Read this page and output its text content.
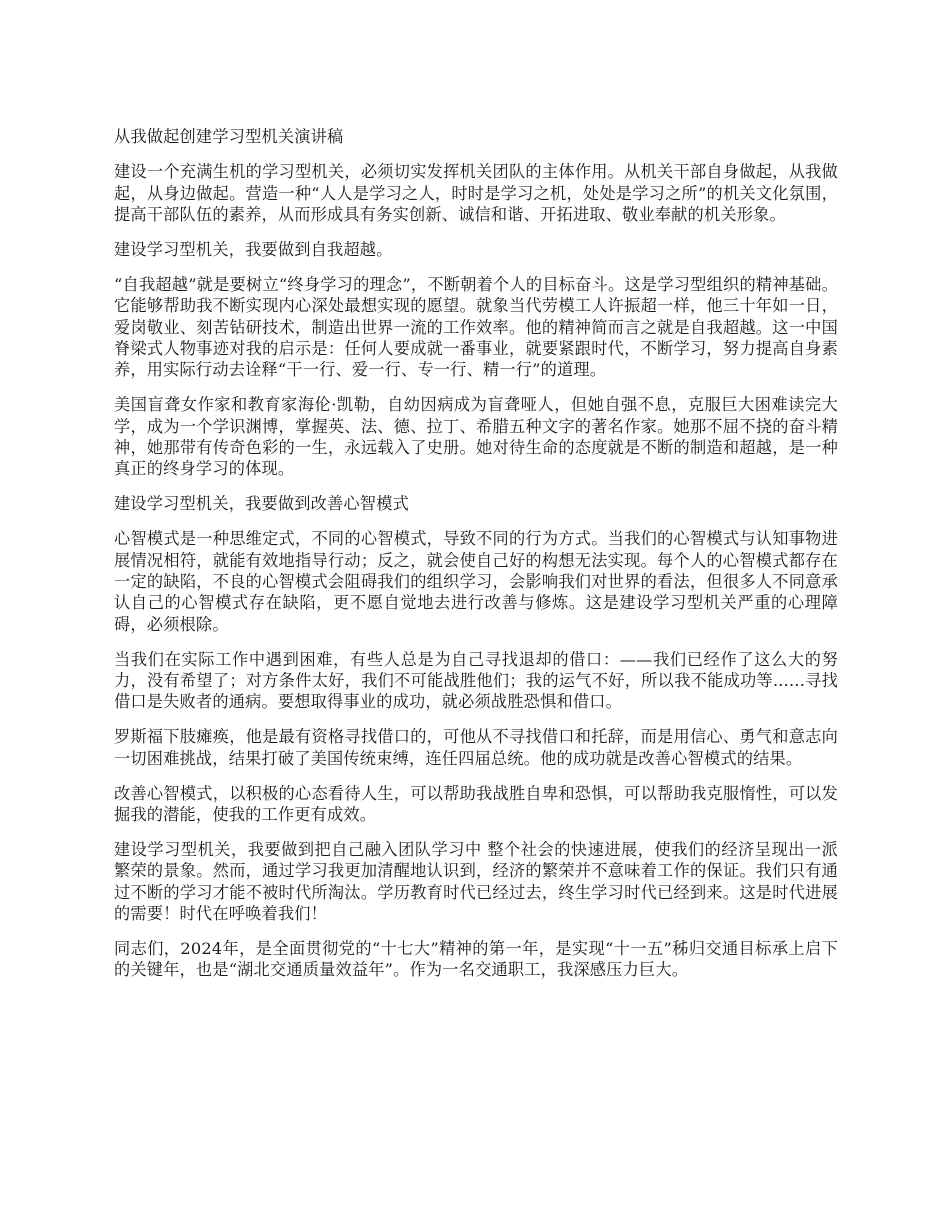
从我做起创建学习型机关演讲稿

建设一个充满生机的学习型机关，必须切实发挥机关团队的主体作用。从机关干部自身做起，从我做起，从身边做起。营造一种“人人是学习之人，时时是学习之机，处处是学习之所”的机关文化氛围，提高干部队伍的素养，从而形成具有务实创新、诚信和谐、开拓进取、敬业奉献的机关形象。

建设学习型机关，我要做到自我超越。

“自我超越”就是要树立“终身学习的理念”，不断朝着个人的目标奋斗。这是学习型组织的精神基础。它能够帮助我不断实现内心深处最想实现的愿望。就象当代劳模工人许振超一样，他三十年如一日，爱岗敬业、刻苦钻研技术，制造出世界一流的工作效率。他的精神简而言之就是自我超越。这一中国脊梁式人物事迹对我的启示是：任何人要成就一番事业，就要紧跟时代，不断学习，努力提高自身素养，用实际行动去诠释“干一行、爱一行、专一行、精一行”的道理。

美国盲聋女作家和教育家海伦·凯勒，自幼因病成为盲聋哑人，但她自强不息，克服巨大困难读完大学，成为一个学识渊博，掌握英、法、德、拉丁、希腊五种文字的著名作家。她那不屈不挠的奋斗精神，她那带有传奇色彩的一生，永远载入了史册。她对待生命的态度就是不断的制造和超越，是一种真正的终身学习的体现。

建设学习型机关，我要做到改善心智模式

心智模式是一种思维定式，不同的心智模式，导致不同的行为方式。当我们的心智模式与认知事物进展情况相符，就能有效地指导行动；反之，就会使自己好的构想无法实现。每个人的心智模式都存在一定的缺陷，不良的心智模式会阻碍我们的组织学习，会影响我们对世界的看法，但很多人不同意承认自己的心智模式存在缺陷，更不愿自觉地去进行改善与修炼。这是建设学习型机关严重的心理障碍，必须根除。

当我们在实际工作中遇到困难，有些人总是为自己寻找退却的借口：——我们已经作了这么大的努力，没有希望了；对方条件太好，我们不可能战胜他们；我的运气不好，所以我不能成功等......寻找借口是失败者的通病。要想取得事业的成功，就必须战胜恐惧和借口。

罗斯福下肢瘫痪，他是最有资格寻找借口的，可他从不寻找借口和托辞，而是用信心、勇气和意志向一切困难挑战，结果打破了美国传统束缚，连任四届总统。他的成功就是改善心智模式的结果。

改善心智模式，以积极的心态看待人生，可以帮助我战胜自卑和恐惧，可以帮助我克服惰性，可以发掘我的潜能，使我的工作更有成效。

建设学习型机关，我要做到把自己融入团队学习中 整个社会的快速进展，使我们的经济呈现出一派繁荣的景象。然而，通过学习我更加清醒地认识到，经济的繁荣并不意味着工作的保证。我们只有通过不断的学习才能不被时代所淘汰。学历教育时代已经过去，终生学习时代已经到来。这是时代进展的需要！时代在呼唤着我们！

同志们，2024年，是全面贯彻党的“十七大”精神的第一年，是实现“十一五”秭归交通目标承上启下的关键年，也是“湖北交通质量效益年”。作为一名交通职工，我深感压力巨大。
